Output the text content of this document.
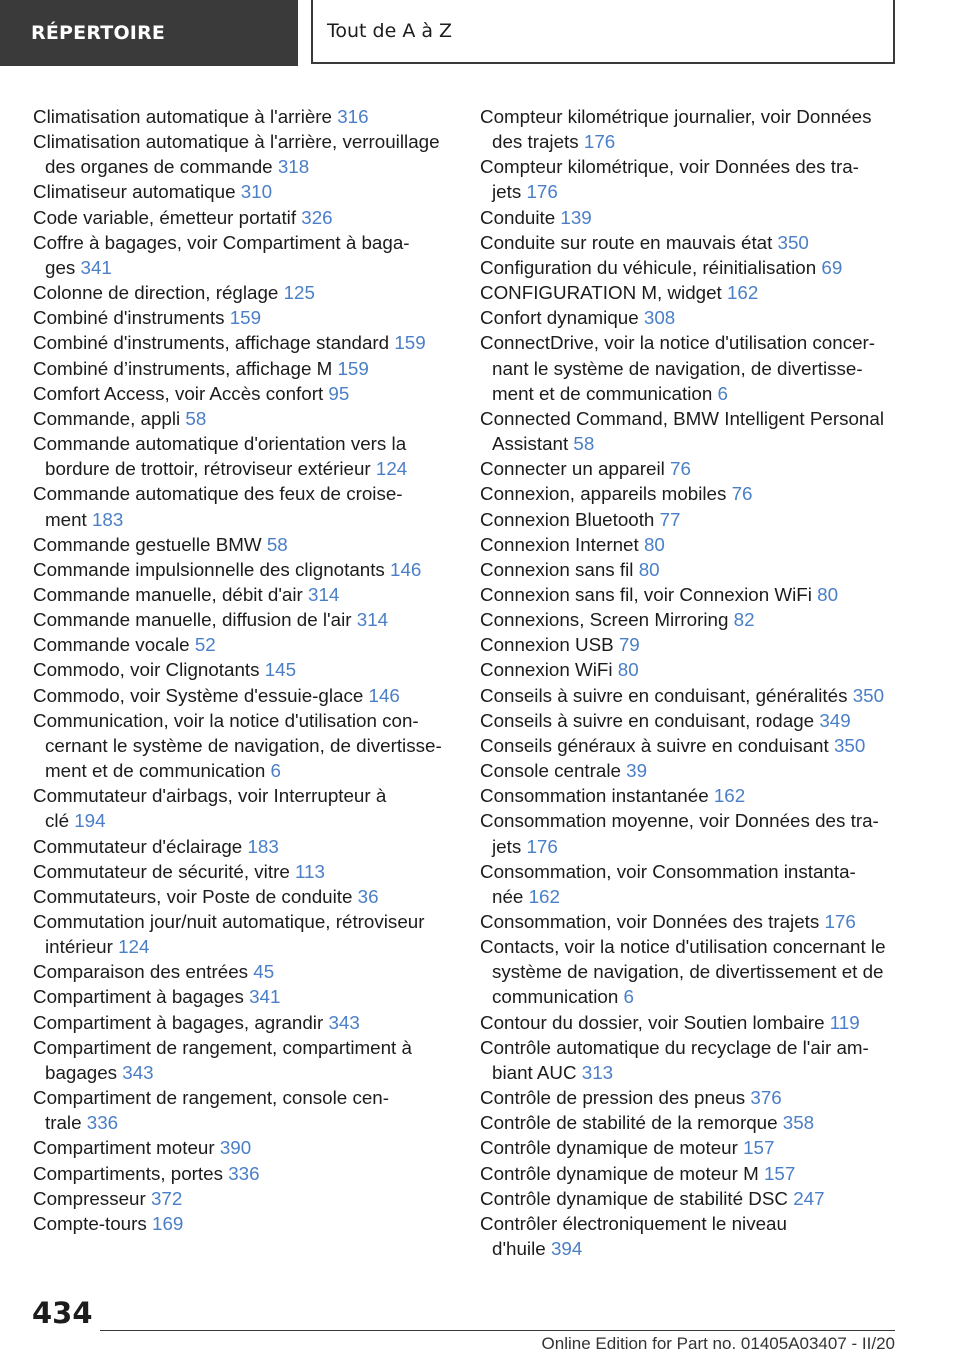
RÉPERTOIRE	Tout de A à Z
Climatisation automatique à l'arrière 316
Climatisation automatique à l'arrière, verrouillage
des organes de commande 318
Climatiseur automatique 310
Code variable, émetteur portatif 326
Coffre à bagages, voir Compartiment à baga-
ges 341
Colonne de direction, réglage 125
Combiné d'instruments 159
Combiné d'instruments, affichage standard 159
Combiné d’instruments, affichage M 159
Comfort Access, voir Accès confort 95
Commande, appli 58
Commande automatique d'orientation vers la
bordure de trottoir, rétroviseur extérieur 124
Commande automatique des feux de croise-
ment 183
Commande gestuelle BMW 58
Commande impulsionnelle des clignotants 146
Commande manuelle, débit d'air 314
Commande manuelle, diffusion de l'air 314
Commande vocale 52
Commodo, voir Clignotants 145
Commodo, voir Système d'essuie-glace 146
Communication, voir la notice d'utilisation con-
cernant le système de navigation, de divertisse-
ment et de communication 6
Commutateur d'airbags, voir Interrupteur à
clé 194
Commutateur d'éclairage 183
Commutateur de sécurité, vitre 113
Commutateurs, voir Poste de conduite 36
Commutation jour/nuit automatique, rétroviseur
intérieur 124
Comparaison des entrées 45
Compartiment à bagages 341
Compartiment à bagages, agrandir 343
Compartiment de rangement, compartiment à
bagages 343
Compartiment de rangement, console cen-
trale 336
Compartiment moteur 390
Compartiments, portes 336
Compresseur 372
Compte-tours 169
Compteur kilométrique journalier, voir Données
des trajets 176
Compteur kilométrique, voir Données des tra-
jets 176
Conduite 139
Conduite sur route en mauvais état 350
Configuration du véhicule, réinitialisation 69
CONFIGURATION M, widget 162
Confort dynamique 308
ConnectDrive, voir la notice d'utilisation concer-
nant le système de navigation, de divertisse-
ment et de communication 6
Connected Command, BMW Intelligent Personal
Assistant 58
Connecter un appareil 76
Connexion, appareils mobiles 76
Connexion Bluetooth 77
Connexion Internet 80
Connexion sans fil 80
Connexion sans fil, voir Connexion WiFi 80
Connexions, Screen Mirroring 82
Connexion USB 79
Connexion WiFi 80
Conseils à suivre en conduisant, généralités 350
Conseils à suivre en conduisant, rodage 349
Conseils généraux à suivre en conduisant 350
Console centrale 39
Consommation instantanée 162
Consommation moyenne, voir Données des tra-
jets 176
Consommation, voir Consommation instanta-
née 162
Consommation, voir Données des trajets 176
Contacts, voir la notice d'utilisation concernant le
système de navigation, de divertissement et de
communication 6
Contour du dossier, voir Soutien lombaire 119
Contrôle automatique du recyclage de l'air am-
biant AUC 313
Contrôle de pression des pneus 376
Contrôle de stabilité de la remorque 358
Contrôle dynamique de moteur 157
Contrôle dynamique de moteur M 157
Contrôle dynamique de stabilité DSC 247
Contrôler électroniquement le niveau
d'huile 394
434
Online Edition for Part no. 01405A03407 - II/20
